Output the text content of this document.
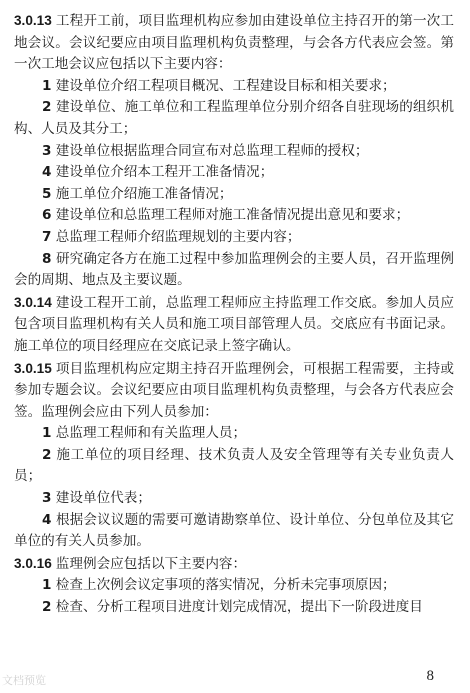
3.0.13 工程开工前，项目监理机构应参加由建设单位主持召开的第一次工地会议。会议纪要应由项目监理机构负责整理，与会各方代表应会签。第一次工地会议应包括以下主要内容：

1 建设单位介绍工程项目概况、工程建设目标和相关要求；

2 建设单位、施工单位和工程监理单位分别介绍各自驻现场的组织机构、人员及其分工；

3 建设单位根据监理合同宣布对总监理工程师的授权；

4 建设单位介绍本工程开工准备情况；

5 施工单位介绍施工准备情况；

6 建设单位和总监理工程师对施工准备情况提出意见和要求；

7 总监理工程师介绍监理规划的主要内容；

8 研究确定各方在施工过程中参加监理例会的主要人员，召开监理例会的周期、地点及主要议题。

3.0.14 建设工程开工前，总监理工程师应主持监理工作交底。参加人员应包含项目监理机构有关人员和施工项目部管理人员。交底应有书面记录。施工单位的项目经理应在交底记录上签字确认。

3.0.15 项目监理机构应定期主持召开监理例会，可根据工程需要，主持或参加专题会议。会议纪要应由项目监理机构负责整理，与会各方代表应会签。监理例会应由下列人员参加：

1 总监理工程师和有关监理人员；

2 施工单位的项目经理、技术负责人及安全管理等有关专业负责人员；

3 建设单位代表；

4 根据会议议题的需要可邀请勘察单位、设计单位、分包单位及其它单位的有关人员参加。

3.0.16 监理例会应包括以下主要内容：

1 检查上次例会议定事项的落实情况，分析未完事项原因；

2 检查、分析工程项目进度计划完成情况，提出下一阶段进度目

文档预览	8
